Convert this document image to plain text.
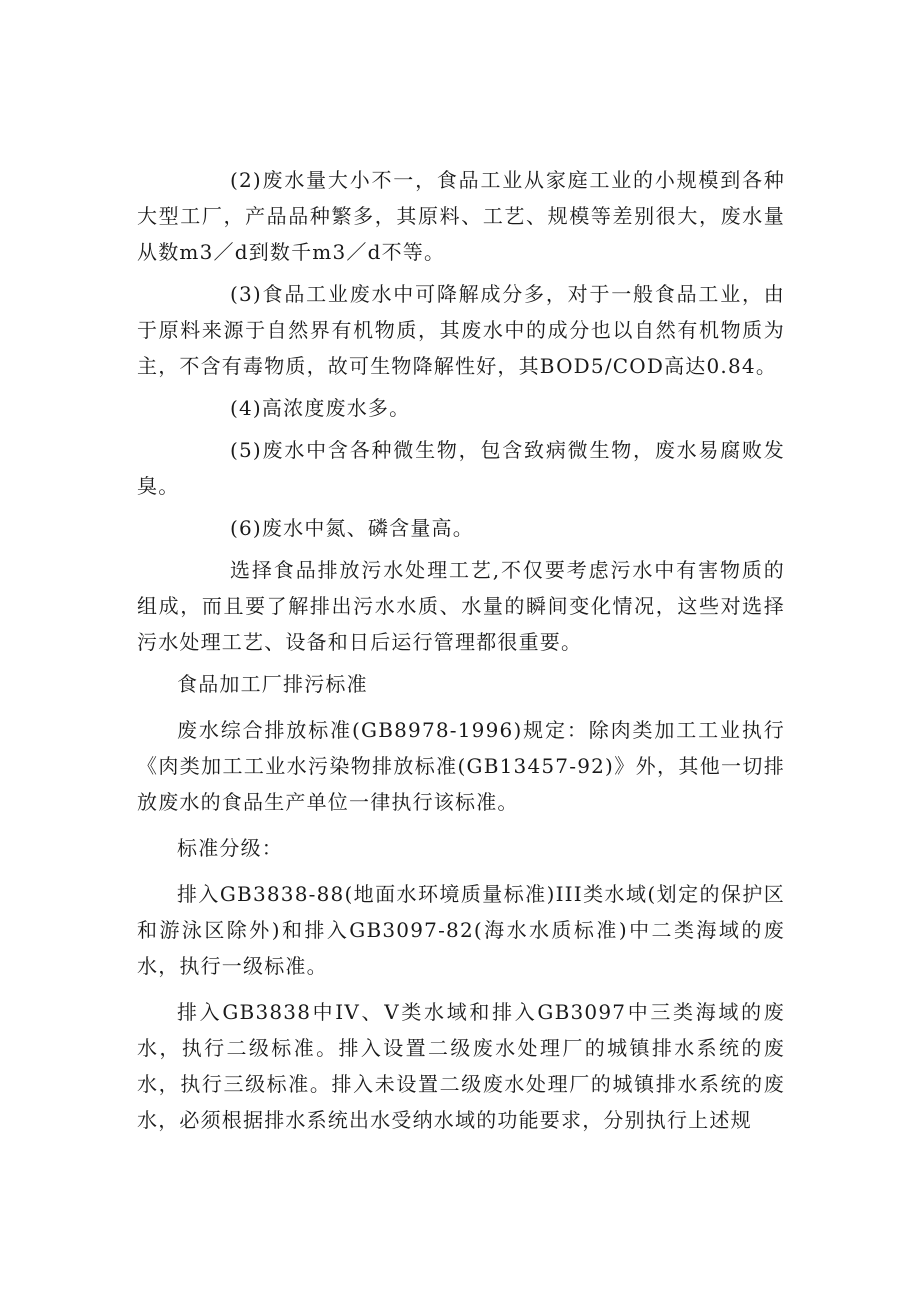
(2)废水量大小不一，食品工业从家庭工业的小规模到各种大型工厂，产品品种繁多，其原料、工艺、规模等差别很大，废水量从数m3／d到数千m3／d不等。

(3)食品工业废水中可降解成分多，对于一般食品工业，由于原料来源于自然界有机物质，其废水中的成分也以自然有机物质为主，不含有毒物质，故可生物降解性好，其BOD5/COD高达0.84。

(4)高浓度废水多。

(5)废水中含各种微生物，包含致病微生物，废水易腐败发臭。

(6)废水中氮、磷含量高。

选择食品排放污水处理工艺,不仅要考虑污水中有害物质的组成，而且要了解排出污水水质、水量的瞬间变化情况，这些对选择污水处理工艺、设备和日后运行管理都很重要。

食品加工厂排污标准

废水综合排放标准(GB8978-1996)规定：除肉类加工工业执行《肉类加工工业水污染物排放标准(GB13457-92)》外，其他一切排放废水的食品生产单位一律执行该标准。

标准分级：

排入GB3838-88(地面水环境质量标准)III类水域(划定的保护区和游泳区除外)和排入GB3097-82(海水水质标准)中二类海域的废水，执行一级标准。

排入GB3838中IV、V类水域和排入GB3097中三类海域的废水，执行二级标准。排入设置二级废水处理厂的城镇排水系统的废水，执行三级标准。排入未设置二级废水处理厂的城镇排水系统的废水，必须根据排水系统出水受纳水域的功能要求，分别执行上述规
